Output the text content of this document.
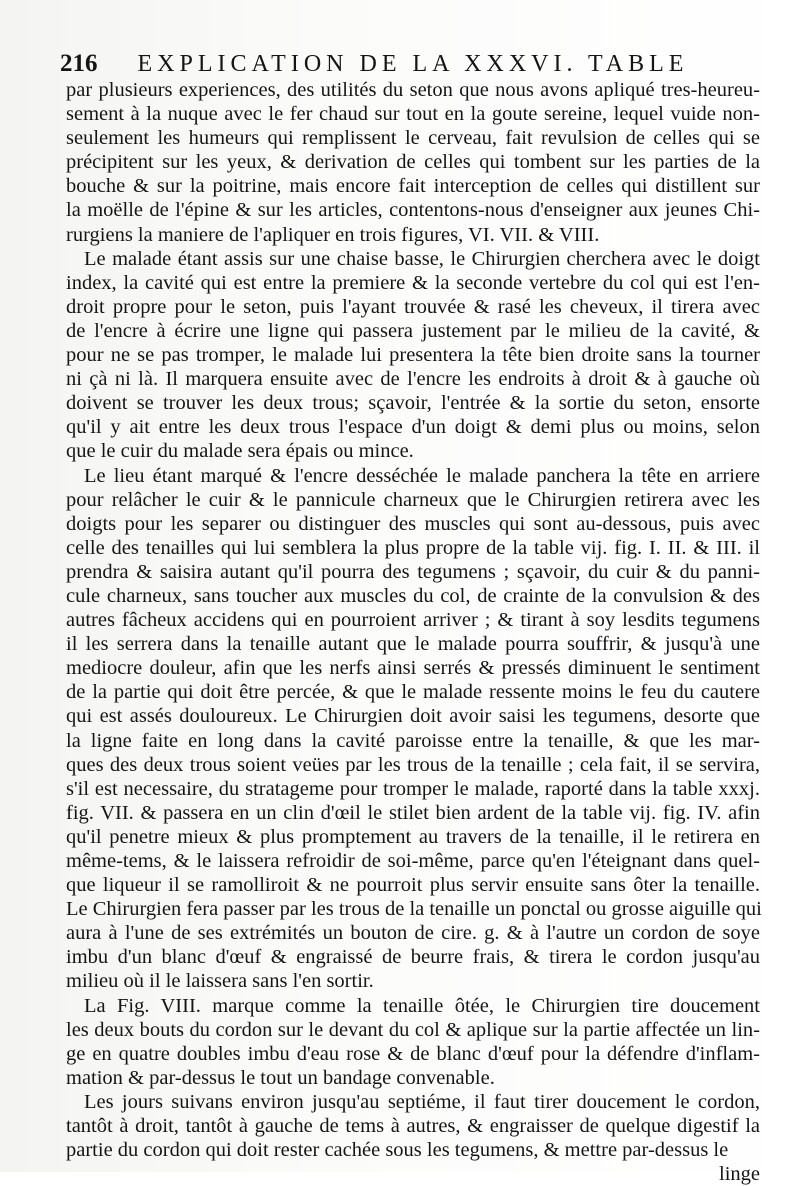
216 EXPLICATION DE LA XXXVI. TABLE
par plusieurs experiences, des utilités du seton que nous avons apliqué tres-heureu-
sement à la nuque avec le fer chaud sur tout en la goute sereine, lequel vuide non-
seulement les humeurs qui remplissent le cerveau, fait revulsion de celles qui se
précipitent sur les yeux, & derivation de celles qui tombent sur les parties de la
bouche & sur la poitrine, mais encore fait interception de celles qui distillent sur
la moëlle de l'épine & sur les articles, contentons-nous d'enseigner aux jeunes Chi-
rurgiens la maniere de l'apliquer en trois figures, VI. VII. & VIII.
Le malade étant assis sur une chaise basse, le Chirurgien cherchera avec le doigt
index, la cavité qui est entre la premiere & la seconde vertebre du col qui est l'en-
droit propre pour le seton, puis l'ayant trouvée & rasé les cheveux, il tirera avec
de l'encre à écrire une ligne qui passera justement par le milieu de la cavité, &
pour ne se pas tromper, le malade lui presentera la tête bien droite sans la tourner
ni çà ni là. Il marquera ensuite avec de l'encre les endroits à droit & à gauche où
doivent se trouver les deux trous; sçavoir, l'entrée & la sortie du seton, ensorte
qu'il y ait entre les deux trous l'espace d'un doigt & demi plus ou moins, selon
que le cuir du malade sera épais ou mince.
Le lieu étant marqué & l'encre desséchée le malade panchera la tête en arriere
pour relâcher le cuir & le pannicule charneux que le Chirurgien retirera avec les
doigts pour les separer ou distinguer des muscles qui sont au-dessous, puis avec
celle des tenailles qui lui semblera la plus propre de la table vij. fig. I. II. & III. il
prendra & saisira autant qu'il pourra des tegumens ; sçavoir, du cuir & du panni-
cule charneux, sans toucher aux muscles du col, de crainte de la convulsion & des
autres fâcheux accidens qui en pourroient arriver ; & tirant à soy lesdits tegumens
il les serrera dans la tenaille autant que le malade pourra souffrir, & jusqu'à une
mediocre douleur, afin que les nerfs ainsi serrés & pressés diminuent le sentiment
de la partie qui doit être percée, & que le malade ressente moins le feu du cautere
qui est assés douloureux. Le Chirurgien doit avoir saisi les tegumens, desorte que
la ligne faite en long dans la cavité paroisse entre la tenaille, & que les mar-
ques des deux trous soient veües par les trous de la tenaille ; cela fait, il se servira,
s'il est necessaire, du stratageme pour tromper le malade, raporté dans la table xxxj.
fig. VII. & passera en un clin d'œil le stilet bien ardent de la table vij. fig. IV. afin
qu'il penetre mieux & plus promptement au travers de la tenaille, il le retirera en
même-tems, & le laissera refroidir de soi-même, parce qu'en l'éteignant dans quel-
que liqueur il se ramolliroit & ne pourroit plus servir ensuite sans ôter la tenaille.
Le Chirurgien fera passer par les trous de la tenaille un ponctal ou grosse aiguille qui
aura à l'une de ses extrémités un bouton de cire. g. & à l'autre un cordon de soye
imbu d'un blanc d'œuf & engraissé de beurre frais, & tirera le cordon jusqu'au
milieu où il le laissera sans l'en sortir.
La Fig. VIII. marque comme la tenaille ôtée, le Chirurgien tire doucement
les deux bouts du cordon sur le devant du col & aplique sur la partie affectée un lin-
ge en quatre doubles imbu d'eau rose & de blanc d'œuf pour la défendre d'inflam-
mation & par-dessus le tout un bandage convenable.
Les jours suivans environ jusqu'au septiéme, il faut tirer doucement le cordon,
tantôt à droit, tantôt à gauche de tems à autres, & engraisser de quelque digestif la
partie du cordon qui doit rester cachée sous les tegumens, & mettre par-dessus le
linge
